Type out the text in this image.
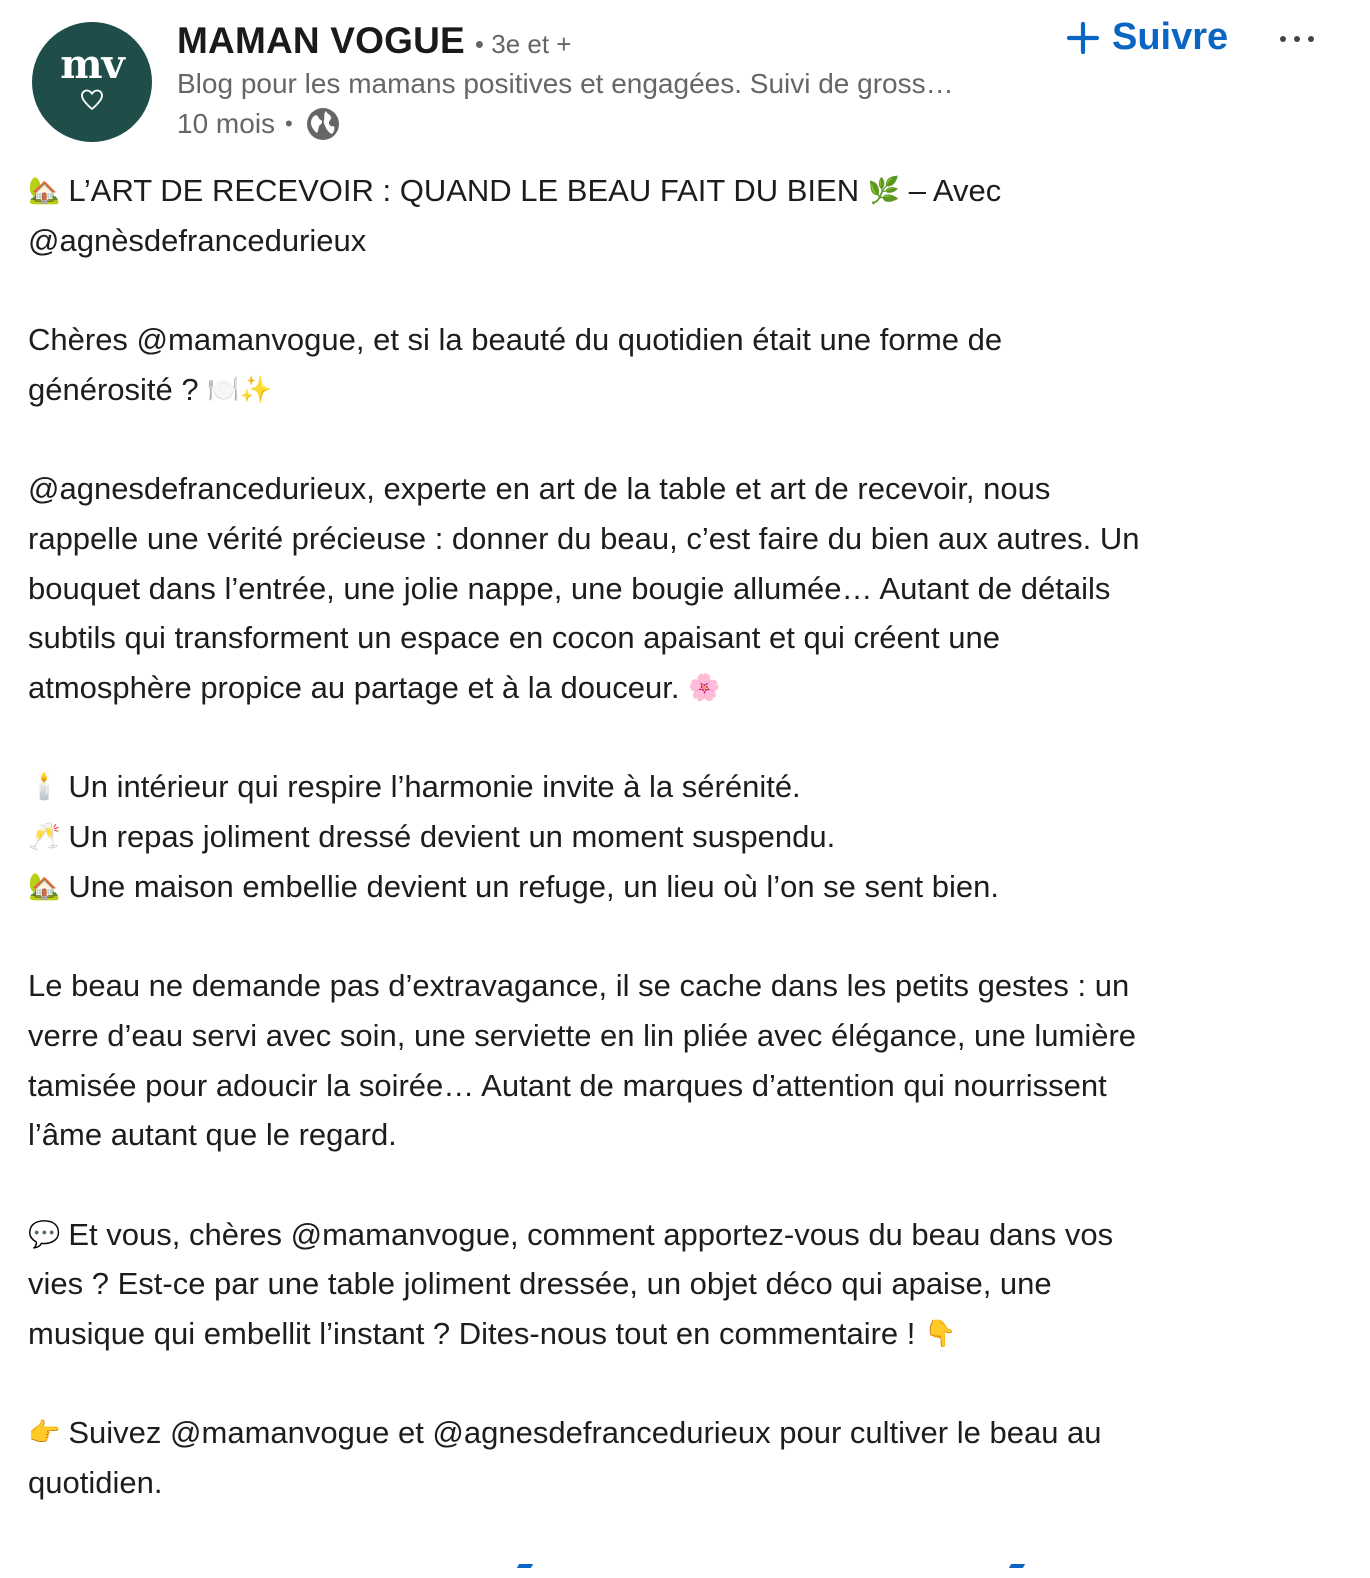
mv
MAMAN VOGUE • 3e et +
Blog pour les mamans positives et engagées. Suivi de gross…
10 mois •
Suivre

🏡 L’ART DE RECEVOIR : QUAND LE BEAU FAIT DU BIEN 🌿 – Avec
@agnèsdefrancedurieux

Chères @mamanvogue, et si la beauté du quotidien était une forme de
générosité ? 🍽️✨

@agnesdefrancedurieux, experte en art de la table et art de recevoir, nous
rappelle une vérité précieuse : donner du beau, c’est faire du bien aux autres. Un
bouquet dans l’entrée, une jolie nappe, une bougie allumée… Autant de détails
subtils qui transforment un espace en cocon apaisant et qui créent une
atmosphère propice au partage et à la douceur. 🌸

🕯️ Un intérieur qui respire l’harmonie invite à la sérénité.
🥂 Un repas joliment dressé devient un moment suspendu.
🏡 Une maison embellie devient un refuge, un lieu où l’on se sent bien.

Le beau ne demande pas d’extravagance, il se cache dans les petits gestes : un
verre d’eau servi avec soin, une serviette en lin pliée avec élégance, une lumière
tamisée pour adoucir la soirée… Autant de marques d’attention qui nourrissent
l’âme autant que le regard.

💬 Et vous, chères @mamanvogue, comment apportez-vous du beau dans vos
vies ? Est-ce par une table joliment dressée, un objet déco qui apaise, une
musique qui embellit l’instant ? Dites-nous tout en commentaire ! 👇

👉 Suivez @mamanvogue et @agnesdefrancedurieux pour cultiver le beau au
quotidien.
